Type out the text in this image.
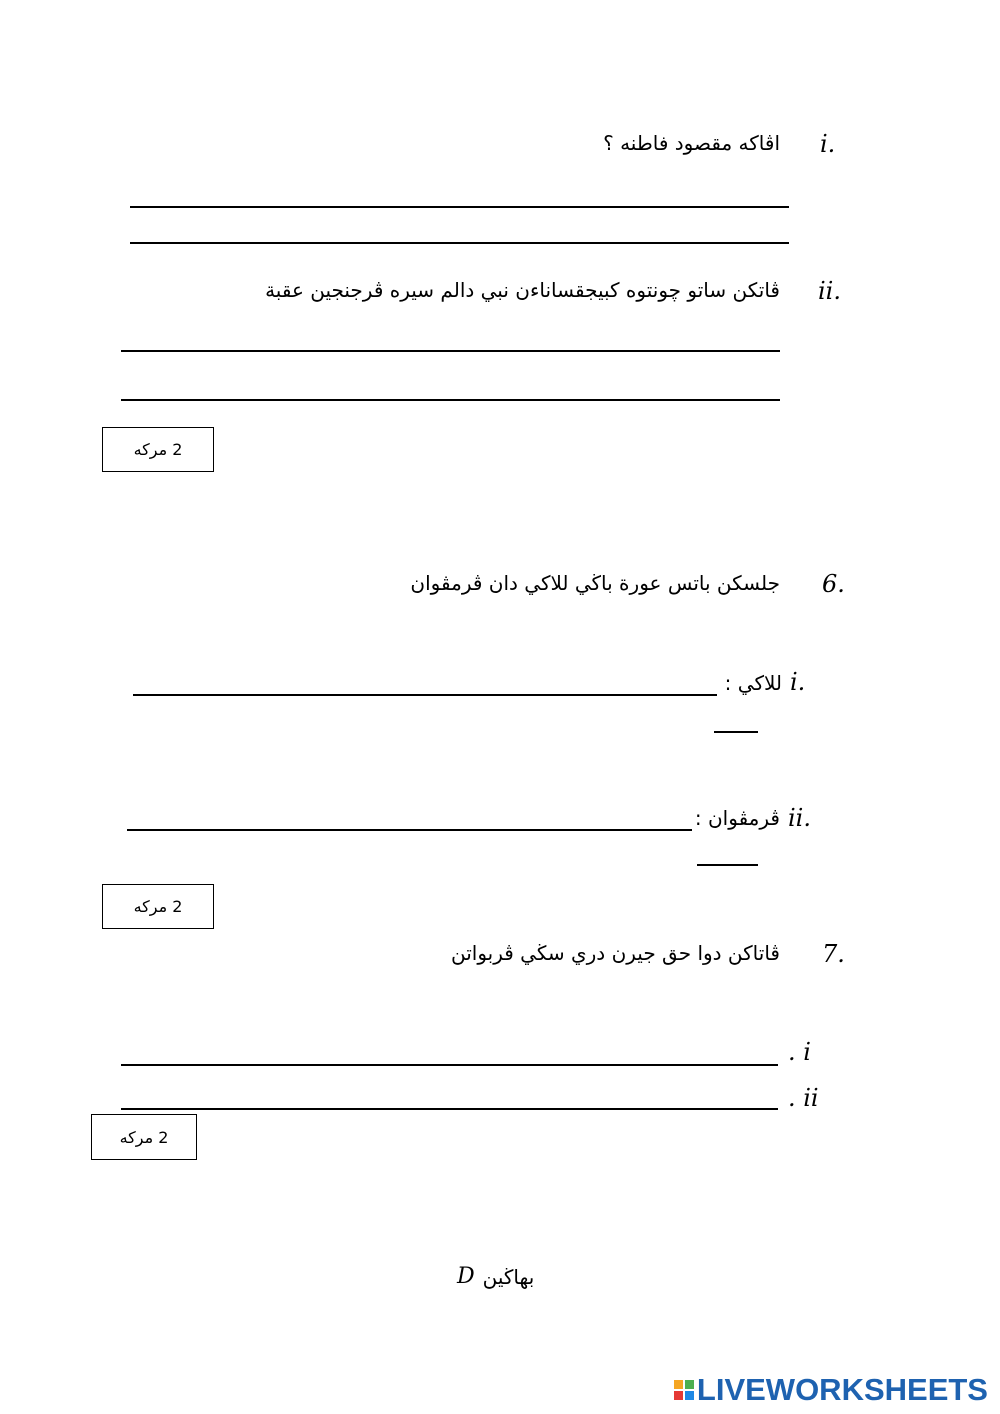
i.
اڤاكه مقصود فاطنه ؟
ii.
ڤاتكن ساتو چونتوه كبيجقساناءن نبي دالم سيره ڤرجنجين عقبة
2 مركه
6.
جلسكن باتس عورة باڬي للاكي دان ڤرمڤوان
i.
للاكي :
ii.
ڤرمڤوان :
2 مركه
7.
ڤاتاكن دوا حق جيرن دري سڬي ڤربواتن
. i
. ii
2 مركه
D بهاڬين
LIVEWORKSHEETS
